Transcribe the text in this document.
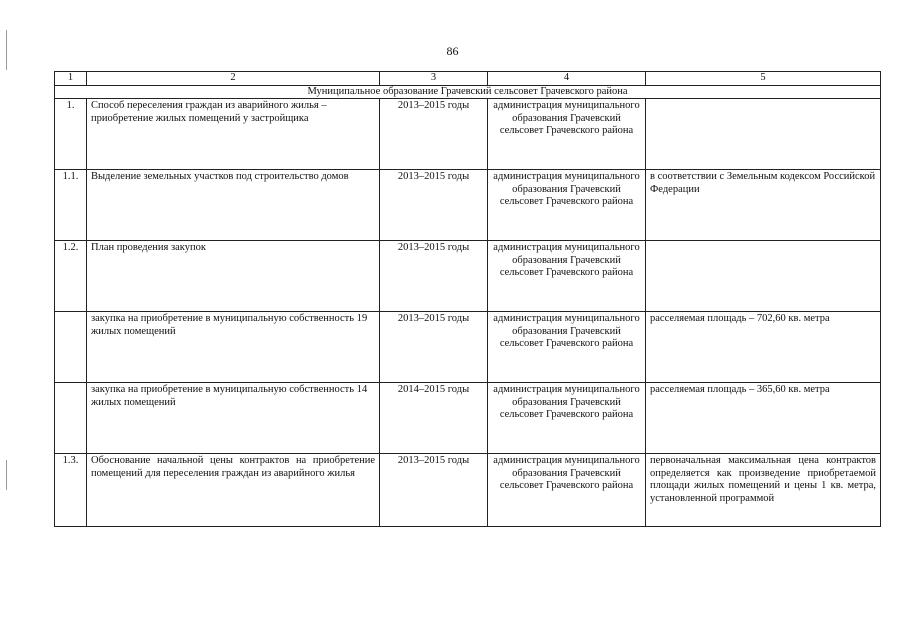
86
1	2	3	4	5
Муниципальное образование Грачевский сельсовет Грачевского района				
1.	Способ переселения граждан из аварийного жилья – приобретение жилых помещений у застройщика	2013–2015 годы	администрация муниципального образования Грачевский сельсовет Грачевского района	
1.1.	Выделение земельных участков под строительство домов	2013–2015 годы	администрация муниципального образования Грачевский сельсовет Грачевского района	в соответствии с Земельным кодексом Российской Федерации
1.2.	План проведения закупок	2013–2015 годы	администрация муниципального образования Грачевский сельсовет Грачевского района	
	закупка на приобретение в муниципальную собственность 19 жилых помещений	2013–2015 годы	администрация муниципального образования Грачевский сельсовет Грачевского района	расселяемая площадь – 702,60 кв. метра
	закупка на приобретение в муниципальную собственность 14 жилых помещений	2014–2015 годы	администрация муниципального образования Грачевский сельсовет Грачевского района	расселяемая площадь – 365,60 кв. метра
1.3.	Обоснование начальной цены контрактов на приобретение помещений для переселения граждан из аварийного жилья	2013–2015 годы	администрация муниципального образования Грачевский сельсовет Грачевского района	первоначальная максимальная цена контрактов определяется как произведение приобретаемой площади жилых помещений и цены 1 кв. метра, установленной программой
